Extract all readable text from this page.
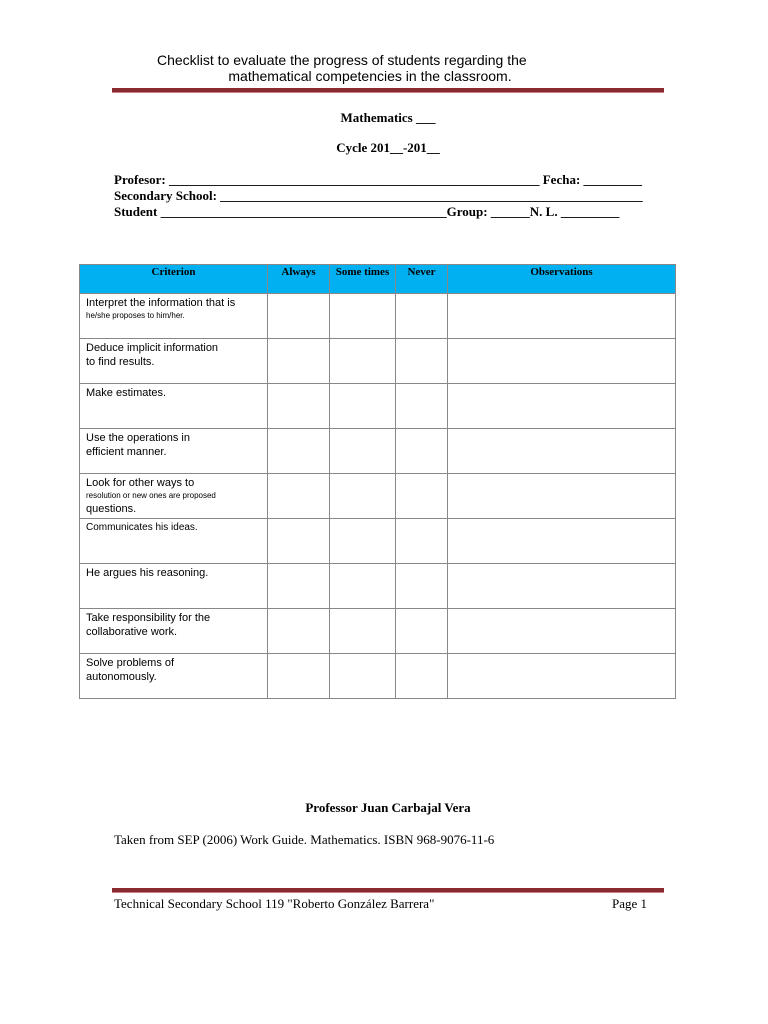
Checklist to evaluate the progress of students regarding the
mathematical competencies in the classroom.
Mathematics ___
Cycle 201__-201__
Profesor: _________________________________________________________ Fecha: _________
Secondary School: _________________________________________________________________
Student ____________________________________________Group: ______N. L. _________
Criterion	Always	Some times	Never	Observations

Interpret the information that is
he/she proposes to him/her.				

Deduce implicit information
to find results.				

Make estimates.				

Use the operations in
efficient manner.				

Look for other ways to
resolution or new ones are proposed
questions.				

Communicates his ideas.				

He argues his reasoning.				

Take responsibility for the
collaborative work.				

Solve problems of
autonomously.				

Professor Juan Carbajal Vera
Taken from SEP (2006) Work Guide. Mathematics. ISBN 968-9076-11-6
Technical Secondary School 119 "Roberto González Barrera"	Page 1
